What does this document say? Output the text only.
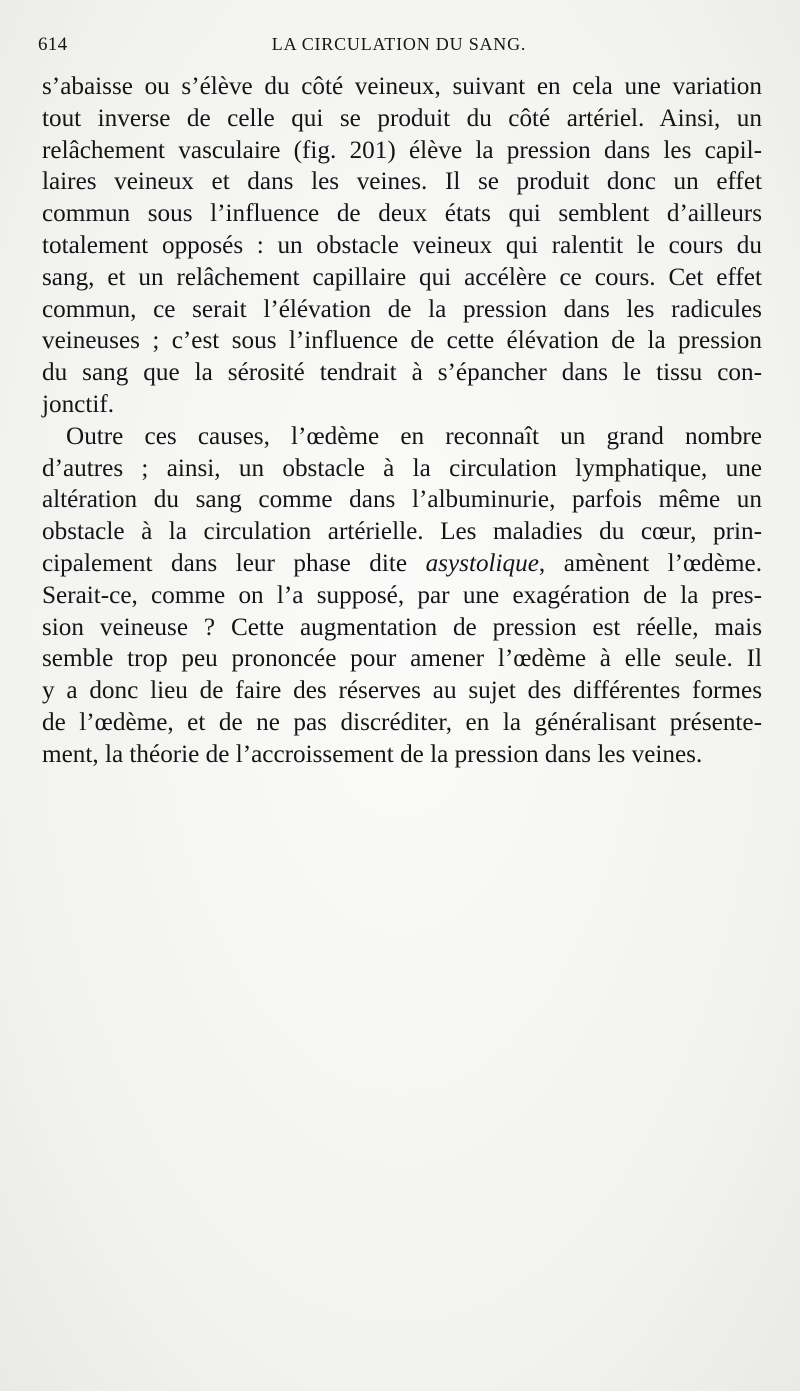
614	LA CIRCULATION DU SANG.
s’abaisse ou s’élève du côté veineux, suivant en cela une variation
tout inverse de celle qui se produit du côté artériel. Ainsi, un
relâchement vasculaire (fig. 201) élève la pression dans les capil-
laires veineux et dans les veines. Il se produit donc un effet
commun sous l’influence de deux états qui semblent d’ailleurs
totalement opposés : un obstacle veineux qui ralentit le cours du
sang, et un relâchement capillaire qui accélère ce cours. Cet effet
commun, ce serait l’élévation de la pression dans les radicules
veineuses ; c’est sous l’influence de cette élévation de la pression
du sang que la sérosité tendrait à s’épancher dans le tissu con-
jonctif.
Outre ces causes, l’œdème en reconnaît un grand nombre
d’autres ; ainsi, un obstacle à la circulation lymphatique, une
altération du sang comme dans l’albuminurie, parfois même un
obstacle à la circulation artérielle. Les maladies du cœur, prin-
cipalement dans leur phase dite asystolique, amènent l’œdème.
Serait-ce, comme on l’a supposé, par une exagération de la pres-
sion veineuse ? Cette augmentation de pression est réelle, mais
semble trop peu prononcée pour amener l’œdème à elle seule. Il
y a donc lieu de faire des réserves au sujet des différentes formes
de l’œdème, et de ne pas discréditer, en la généralisant présente-
ment, la théorie de l’accroissement de la pression dans les veines.
